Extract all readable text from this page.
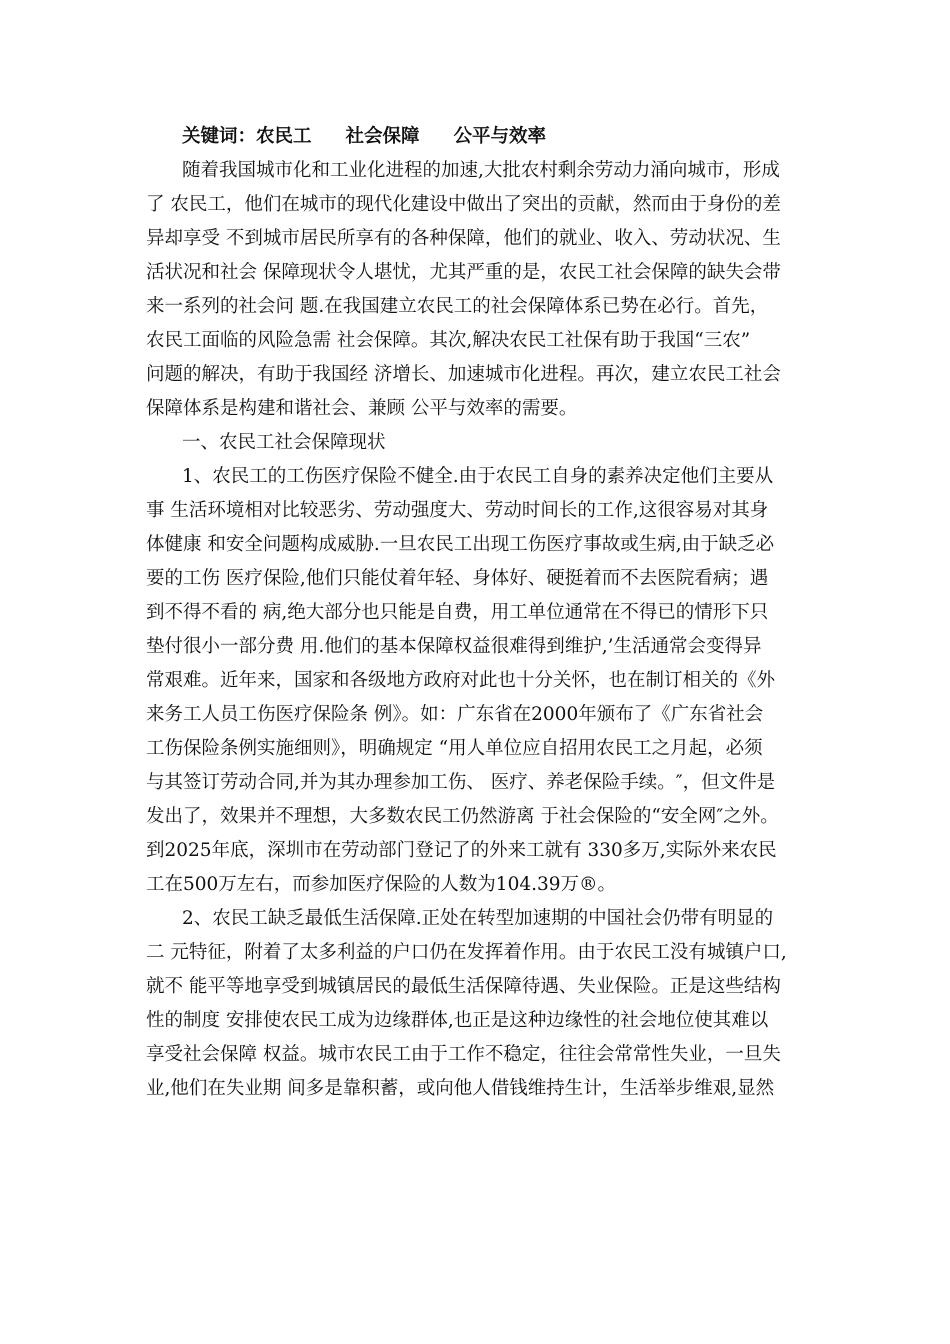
关键词：农民工 社会保障 公平与效率
随着我国城市化和工业化进程的加速,大批农村剩余劳动力涌向城市，形成
了 农民工，他们在城市的现代化建设中做出了突出的贡献，然而由于身份的差
异却享受 不到城市居民所享有的各种保障，他们的就业、收入、劳动状况、生
活状况和社会 保障现状令人堪忧，尤其严重的是，农民工社会保障的缺失会带
来一系列的社会问 题.在我国建立农民工的社会保障体系已势在必行。首先，
农民工面临的风险急需 社会保障。其次,解决农民工社保有助于我国“三农”
问题的解决，有助于我国经 济增长、加速城市化进程。再次，建立农民工社会
保障体系是构建和谐社会、兼顾 公平与效率的需要。
一、农民工社会保障现状
1、农民工的工伤医疗保险不健全.由于农民工自身的素养决定他们主要从
事 生活环境相对比较恶劣、劳动强度大、劳动时间长的工作,这很容易对其身
体健康 和安全问题构成威胁.一旦农民工出现工伤医疗事故或生病,由于缺乏必
要的工伤 医疗保险,他们只能仗着年轻、身体好、硬挺着而不去医院看病；遇
到不得不看的 病,绝大部分也只能是自费，用工单位通常在不得已的情形下只
垫付很小一部分费 用.他们的基本保障权益很难得到维护,’生活通常会变得异
常艰难。近年来，国家和各级地方政府对此也十分关怀，也在制订相关的《外
来务工人员工伤医疗保险条 例》。如：广东省在2000年颁布了《广东省社会
工伤保险条例实施细则》，明确规定 “用人单位应自招用农民工之月起，必须
与其签订劳动合同,并为其办理参加工伤、 医疗、养老保险手续。″，但文件是
发出了，效果并不理想，大多数农民工仍然游离 于社会保险的“安全网″之外。
到2025年底，深圳市在劳动部门登记了的外来工就有 330多万,实际外来农民
工在500万左右，而参加医疗保险的人数为104.39万®。
2、农民工缺乏最低生活保障.正处在转型加速期的中国社会仍带有明显的
二 元特征，附着了太多利益的户口仍在发挥着作用。由于农民工没有城镇户口,
就不 能平等地享受到城镇居民的最低生活保障待遇、失业保险。正是这些结构
性的制度 安排使农民工成为边缘群体,也正是这种边缘性的社会地位使其难以
享受社会保障 权益。城市农民工由于工作不稳定，往往会常常性失业，一旦失
业,他们在失业期 间多是靠积蓄，或向他人借钱维持生计，生活举步维艰,显然
